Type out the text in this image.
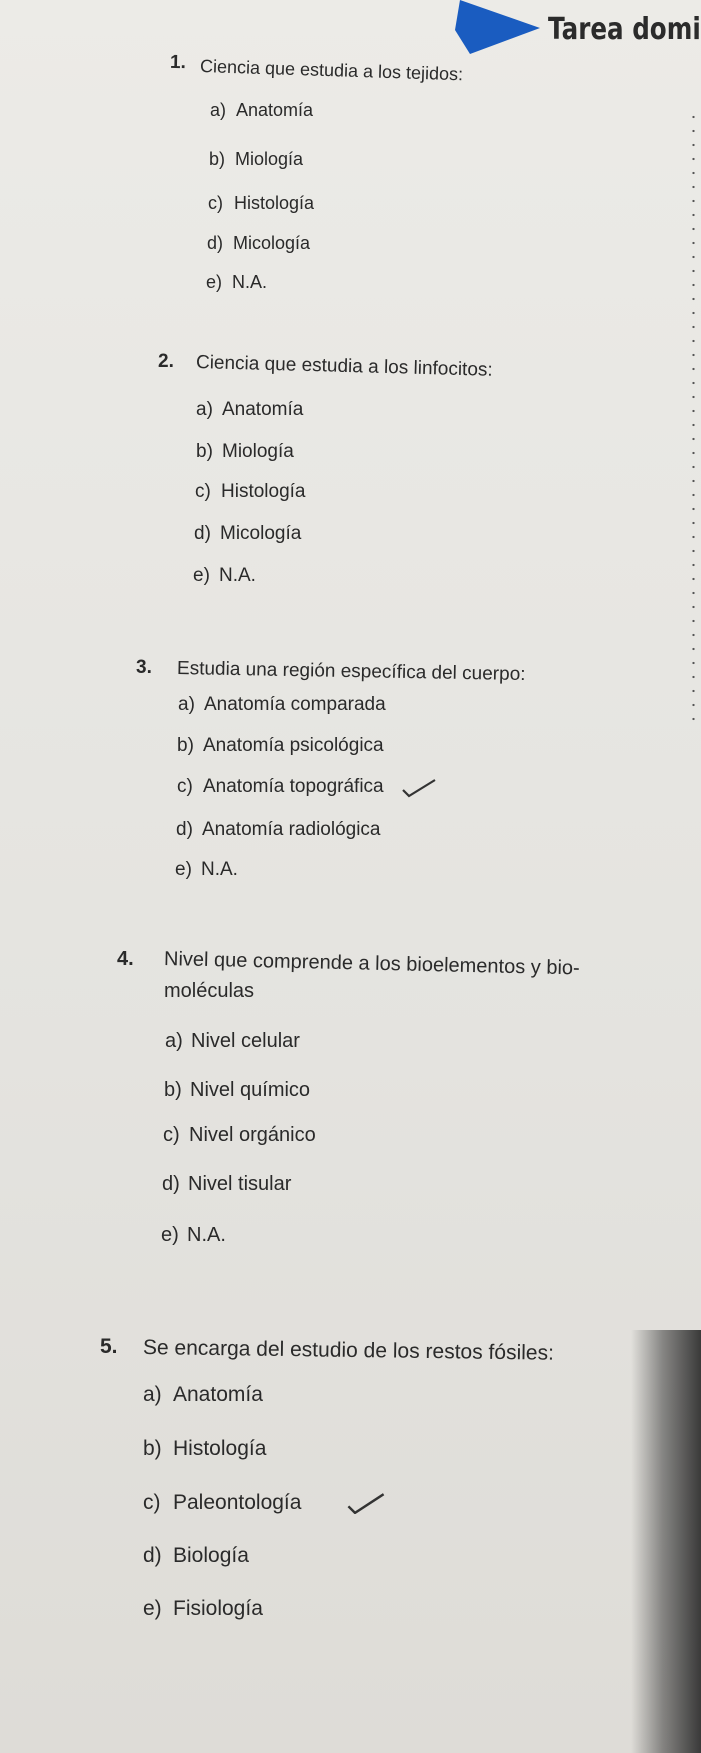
Tarea domi
1. Ciencia que estudia a los tejidos:
a) Anatomía
b) Miología
c) Histología
d) Micología
e) N.A.
2. Ciencia que estudia a los linfocitos:
a) Anatomía
b) Miología
c) Histología
d) Micología
e) N.A.
3. Estudia una región específica del cuerpo:
a) Anatomía comparada
b) Anatomía psicológica
c) Anatomía topográfica
d) Anatomía radiológica
e) N.A.
4. Nivel que comprende a los bioelementos y bio-
moléculas
a) Nivel celular
b) Nivel químico
c) Nivel orgánico
d) Nivel tisular
e) N.A.
5. Se encarga del estudio de los restos fósiles:
a) Anatomía
b) Histología
c) Paleontología
d) Biología
e) Fisiología
